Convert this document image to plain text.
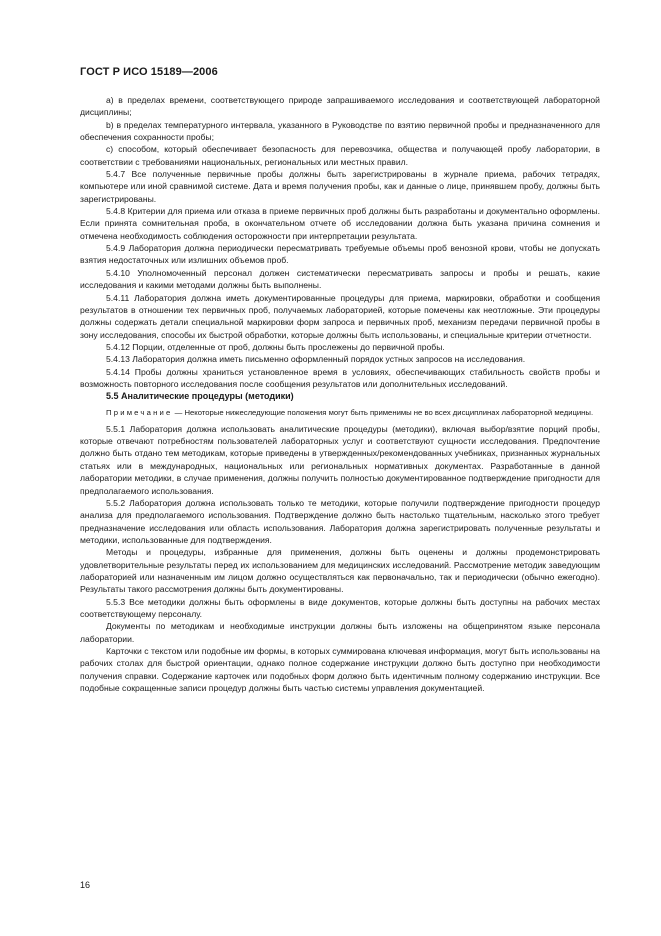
ГОСТ Р ИСО 15189—2006

a) в пределах времени, соответствующего природе запрашиваемого исследования и соответствующей лабораторной дисциплины;

b) в пределах температурного интервала, указанного в Руководстве по взятию первичной пробы и предназначенного для обеспечения сохранности пробы;

c) способом, который обеспечивает безопасность для перевозчика, общества и получающей пробу лаборатории, в соответствии с требованиями национальных, региональных или местных правил.

5.4.7 Все полученные первичные пробы должны быть зарегистрированы в журнале приема, рабочих тетрадях, компьютере или иной сравнимой системе. Дата и время получения пробы, как и данные о лице, принявшем пробу, должны быть зарегистрированы.

5.4.8 Критерии для приема или отказа в приеме первичных проб должны быть разработаны и документально оформлены. Если принята сомнительная проба, в окончательном отчете об исследовании должна быть указана причина сомнения и отмечена необходимость соблюдения осторожности при интерпретации результата.

5.4.9 Лаборатория должна периодически пересматривать требуемые объемы проб венозной крови, чтобы не допускать взятия недостаточных или излишних объемов проб.

5.4.10 Уполномоченный персонал должен систематически пересматривать запросы и пробы и решать, какие исследования и какими методами должны быть выполнены.

5.4.11 Лаборатория должна иметь документированные процедуры для приема, маркировки, обработки и сообщения результатов в отношении тех первичных проб, получаемых лабораторией, которые помечены как неотложные. Эти процедуры должны содержать детали специальной маркировки форм запроса и первичных проб, механизм передачи первичной пробы в зону исследования, способы их быстрой обработки, которые должны быть использованы, и специальные критерии отчетности.

5.4.12 Порции, отделенные от проб, должны быть прослежены до первичной пробы.

5.4.13 Лаборатория должна иметь письменно оформленный порядок устных запросов на исследования.

5.4.14 Пробы должны храниться установленное время в условиях, обеспечивающих стабильность свойств пробы и возможность повторного исследования после сообщения результатов или дополнительных исследований.

5.5 Аналитические процедуры (методики)

Примечание — Некоторые нижеследующие положения могут быть применимы не во всех дисциплинах лабораторной медицины.

5.5.1 Лаборатория должна использовать аналитические процедуры (методики), включая выбор/взятие порций пробы, которые отвечают потребностям пользователей лабораторных услуг и соответствуют сущности исследования. Предпочтение должно быть отдано тем методикам, которые приведены в утвержденных/рекомендованных учебниках, признанных журнальных статьях или в международных, национальных или региональных нормативных документах. Разработанные в данной лаборатории методики, в случае применения, должны получить полностью документированное подтверждение пригодности для предполагаемого использования.

5.5.2 Лаборатория должна использовать только те методики, которые получили подтверждение пригодности процедур анализа для предполагаемого использования. Подтверждение должно быть настолько тщательным, насколько этого требует предназначение исследования или область использования. Лаборатория должна зарегистрировать полученные результаты и методики, использованные для подтверждения.

Методы и процедуры, избранные для применения, должны быть оценены и должны продемонстрировать удовлетворительные результаты перед их использованием для медицинских исследований. Рассмотрение методик заведующим лабораторией или назначенным им лицом должно осуществляться как первоначально, так и периодически (обычно ежегодно). Результаты такого рассмотрения должны быть документированы.

5.5.3 Все методики должны быть оформлены в виде документов, которые должны быть доступны на рабочих местах соответствующему персоналу.

Документы по методикам и необходимые инструкции должны быть изложены на общепринятом языке персонала лаборатории.

Карточки с текстом или подобные им формы, в которых суммирована ключевая информация, могут быть использованы на рабочих столах для быстрой ориентации, однако полное содержание инструкции должно быть доступно при необходимости получения справки. Содержание карточек или подобных форм должно быть идентичным полному содержанию инструкции. Все подобные сокращенные записи процедур должны быть частью системы управления документацией.

16
